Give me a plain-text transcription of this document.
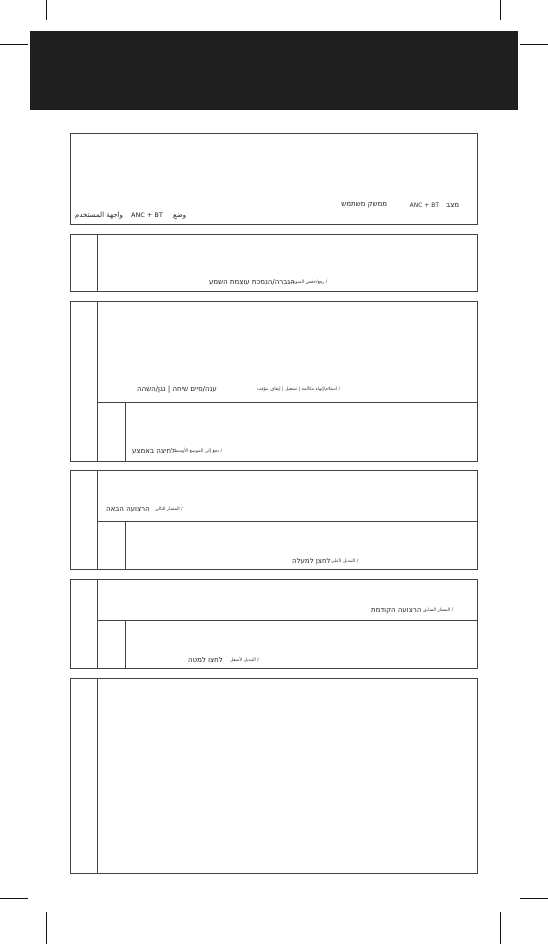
מצב
ANC + BT
ממשק משתמש
وضع
ANC + BT
واجهة المستخدم
رفع/خفض الصوت /
הגברה/הנמכת עוצמת השמע
استلام/إنهاء مكالمة | تشغيل | إيقاف مؤقت /
ענה/סיים שיחה | נגן/השהה
دفع إلى الموضع الأوسط /
לחיצה באמצע
المسار التالي /
הרצועה הבאה
التبديل لأعلى /
לחצן למעלה
المسار السابق /
הרצועה הקודמת
التبديل لأسفل /
לחצו למטה
